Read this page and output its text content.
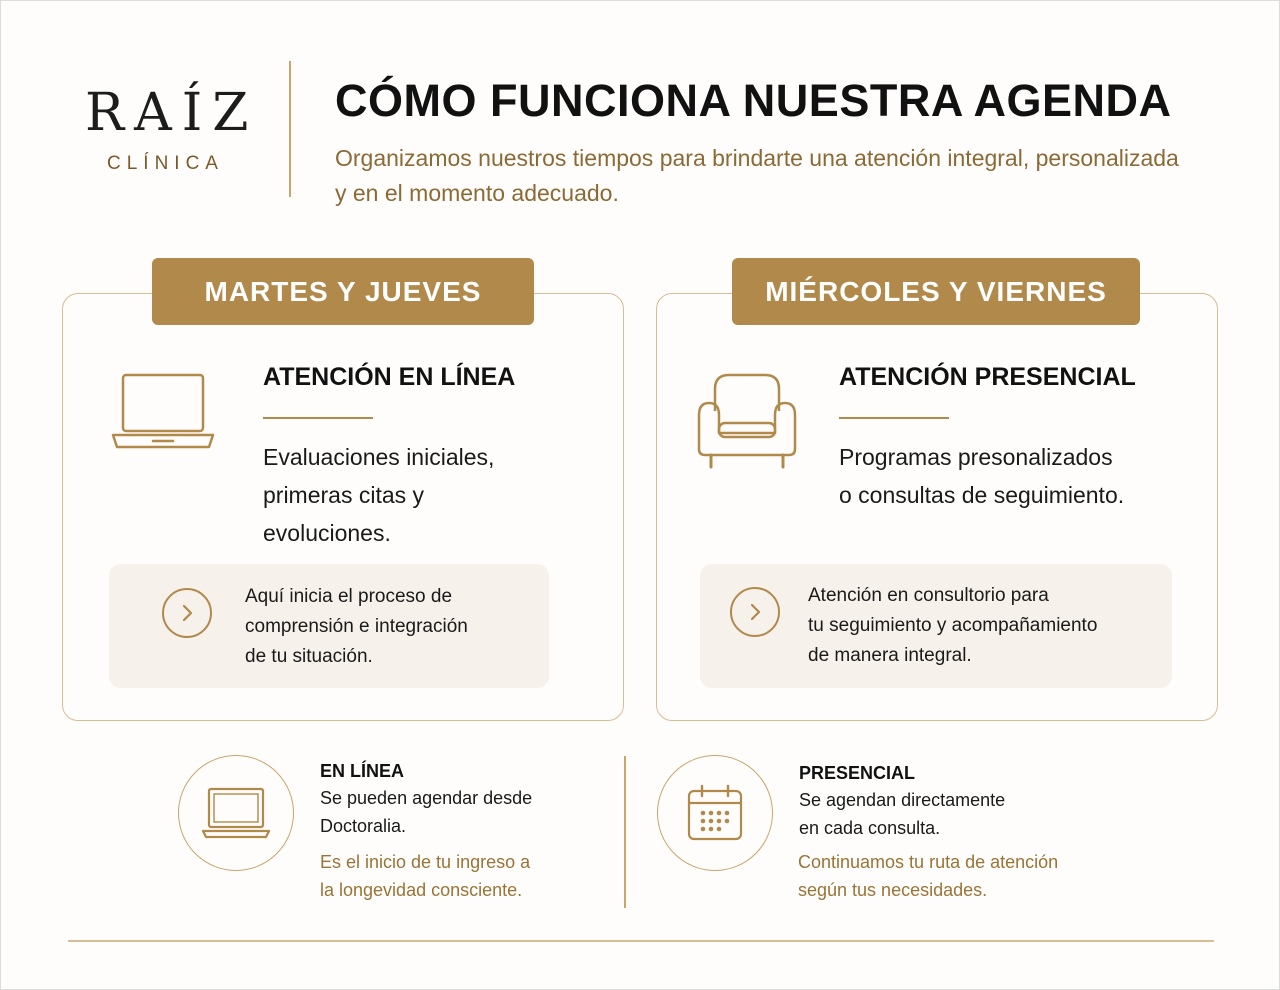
RAÍZ
CLÍNICA
CÓMO FUNCIONA NUESTRA AGENDA
Organizamos nuestros tiempos para brindarte una atención integral, personalizada y en el momento adecuado.
MARTES Y JUEVES
ATENCIÓN EN LÍNEA
Evaluaciones iniciales,
primeras citas y
evoluciones.
Aquí inicia el proceso de
comprensión e integración
de tu situación.
MIÉRCOLES Y VIERNES
ATENCIÓN PRESENCIAL
Programas presonalizados
o consultas de seguimiento.
Atención en consultorio para
tu seguimiento y acompañamiento
de manera integral.
EN LÍNEA
Se pueden agendar desde
Doctoralia.
Es el inicio de tu ingreso a
la longevidad consciente.
PRESENCIAL
Se agendan directamente
en cada consulta.
Continuamos tu ruta de atención
según tus necesidades.
